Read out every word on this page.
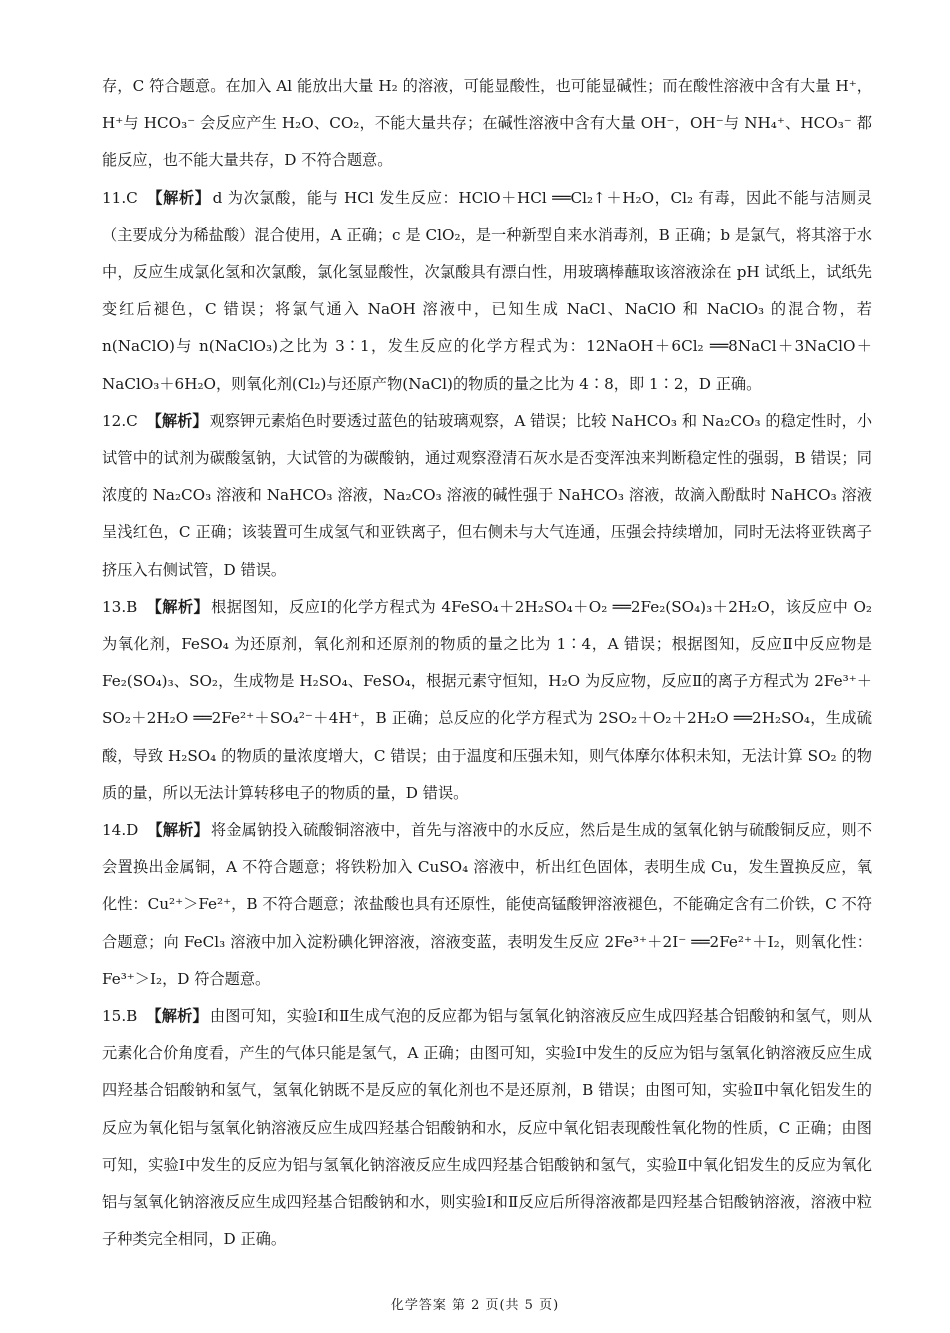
存，C 符合题意。在加入 Al 能放出大量 H₂ 的溶液，可能显酸性，也可能显碱性；而在酸性溶液中含有大量 H⁺，H⁺与 HCO₃⁻ 会反应产生 H₂O、CO₂，不能大量共存；在碱性溶液中含有大量 OH⁻，OH⁻与 NH₄⁺、HCO₃⁻ 都能反应，也不能大量共存，D 不符合题意。

11.C 【解析】 d 为次氯酸，能与 HCl 发生反应：HClO＋HCl ══Cl₂↑＋H₂O，Cl₂ 有毒，因此不能与洁厕灵（主要成分为稀盐酸）混合使用，A 正确；c 是 ClO₂，是一种新型自来水消毒剂，B 正确；b 是氯气，将其溶于水中，反应生成氯化氢和次氯酸，氯化氢显酸性，次氯酸具有漂白性，用玻璃棒蘸取该溶液涂在 pH 试纸上，试纸先变红后褪色，C 错误；将氯气通入 NaOH 溶液中，已知生成 NaCl、NaClO 和 NaClO₃ 的混合物，若 n(NaClO)与 n(NaClO₃)之比为 3∶1，发生反应的化学方程式为：12NaOH＋6Cl₂ ══8NaCl＋3NaClO＋NaClO₃＋6H₂O，则氧化剂(Cl₂)与还原产物(NaCl)的物质的量之比为 4∶8，即 1∶2，D 正确。

12.C 【解析】 观察钾元素焰色时要透过蓝色的钴玻璃观察，A 错误；比较 NaHCO₃ 和 Na₂CO₃ 的稳定性时，小试管中的试剂为碳酸氢钠，大试管的为碳酸钠，通过观察澄清石灰水是否变浑浊来判断稳定性的强弱，B 错误；同浓度的 Na₂CO₃ 溶液和 NaHCO₃ 溶液，Na₂CO₃ 溶液的碱性强于 NaHCO₃ 溶液，故滴入酚酞时 NaHCO₃ 溶液呈浅红色，C 正确；该装置可生成氢气和亚铁离子，但右侧未与大气连通，压强会持续增加，同时无法将亚铁离子挤压入右侧试管，D 错误。

13.B 【解析】 根据图知，反应Ⅰ的化学方程式为 4FeSO₄＋2H₂SO₄＋O₂ ══2Fe₂(SO₄)₃＋2H₂O，该反应中 O₂ 为氧化剂，FeSO₄ 为还原剂，氧化剂和还原剂的物质的量之比为 1∶4，A 错误；根据图知，反应Ⅱ中反应物是 Fe₂(SO₄)₃、SO₂，生成物是 H₂SO₄、FeSO₄，根据元素守恒知，H₂O 为反应物，反应Ⅱ的离子方程式为 2Fe³⁺＋SO₂＋2H₂O ══2Fe²⁺＋SO₄²⁻＋4H⁺，B 正确；总反应的化学方程式为 2SO₂＋O₂＋2H₂O ══2H₂SO₄，生成硫酸，导致 H₂SO₄ 的物质的量浓度增大，C 错误；由于温度和压强未知，则气体摩尔体积未知，无法计算 SO₂ 的物质的量，所以无法计算转移电子的物质的量，D 错误。

14.D 【解析】 将金属钠投入硫酸铜溶液中，首先与溶液中的水反应，然后是生成的氢氧化钠与硫酸铜反应，则不会置换出金属铜，A 不符合题意；将铁粉加入 CuSO₄ 溶液中，析出红色固体，表明生成 Cu，发生置换反应，氧化性：Cu²⁺＞Fe²⁺，B 不符合题意；浓盐酸也具有还原性，能使高锰酸钾溶液褪色，不能确定含有二价铁，C 不符合题意；向 FeCl₃ 溶液中加入淀粉碘化钾溶液，溶液变蓝，表明发生反应 2Fe³⁺＋2I⁻ ══2Fe²⁺＋I₂，则氧化性：Fe³⁺＞I₂，D 符合题意。

15.B 【解析】 由图可知，实验Ⅰ和Ⅱ生成气泡的反应都为铝与氢氧化钠溶液反应生成四羟基合铝酸钠和氢气，则从元素化合价角度看，产生的气体只能是氢气，A 正确；由图可知，实验Ⅰ中发生的反应为铝与氢氧化钠溶液反应生成四羟基合铝酸钠和氢气，氢氧化钠既不是反应的氧化剂也不是还原剂，B 错误；由图可知，实验Ⅱ中氧化铝发生的反应为氧化铝与氢氧化钠溶液反应生成四羟基合铝酸钠和水，反应中氧化铝表现酸性氧化物的性质，C 正确；由图可知，实验Ⅰ中发生的反应为铝与氢氧化钠溶液反应生成四羟基合铝酸钠和氢气，实验Ⅱ中氧化铝发生的反应为氧化铝与氢氧化钠溶液反应生成四羟基合铝酸钠和水，则实验Ⅰ和Ⅱ反应后所得溶液都是四羟基合铝酸钠溶液，溶液中粒子种类完全相同，D 正确。

化学答案 第 2 页(共 5 页)
